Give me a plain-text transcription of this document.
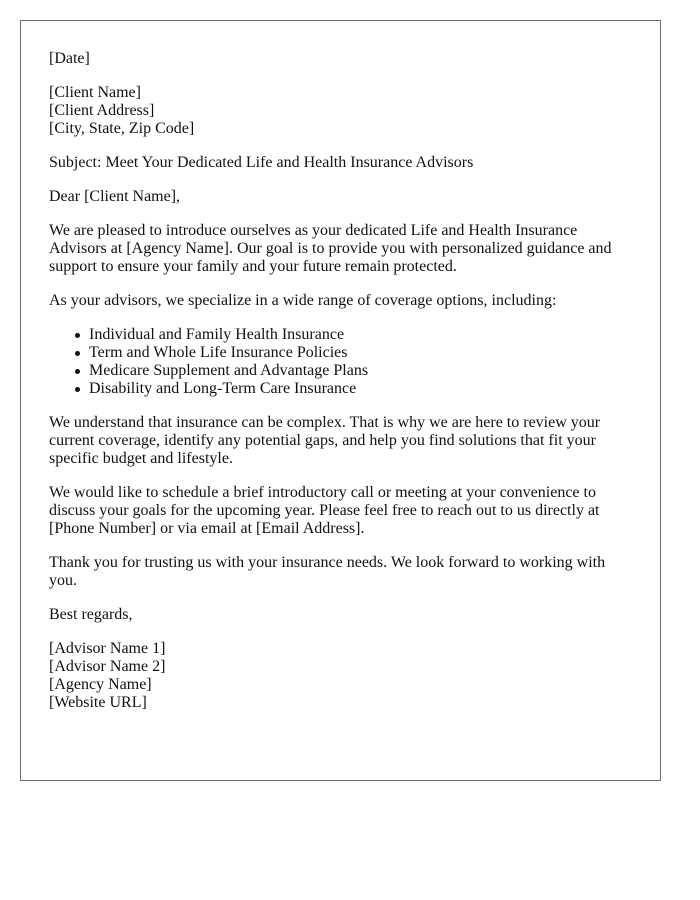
[Date]

[Client Name]
[Client Address]
[City, State, Zip Code]

Subject: Meet Your Dedicated Life and Health Insurance Advisors

Dear [Client Name],

We are pleased to introduce ourselves as your dedicated Life and Health Insurance Advisors at [Agency Name]. Our goal is to provide you with personalized guidance and support to ensure your family and your future remain protected.

As your advisors, we specialize in a wide range of coverage options, including:

Individual and Family Health Insurance
Term and Whole Life Insurance Policies
Medicare Supplement and Advantage Plans
Disability and Long-Term Care Insurance

We understand that insurance can be complex. That is why we are here to review your current coverage, identify any potential gaps, and help you find solutions that fit your specific budget and lifestyle.

We would like to schedule a brief introductory call or meeting at your convenience to discuss your goals for the upcoming year. Please feel free to reach out to us directly at [Phone Number] or via email at [Email Address].

Thank you for trusting us with your insurance needs. We look forward to working with you.

Best regards,

[Advisor Name 1]
[Advisor Name 2]
[Agency Name]
[Website URL]
